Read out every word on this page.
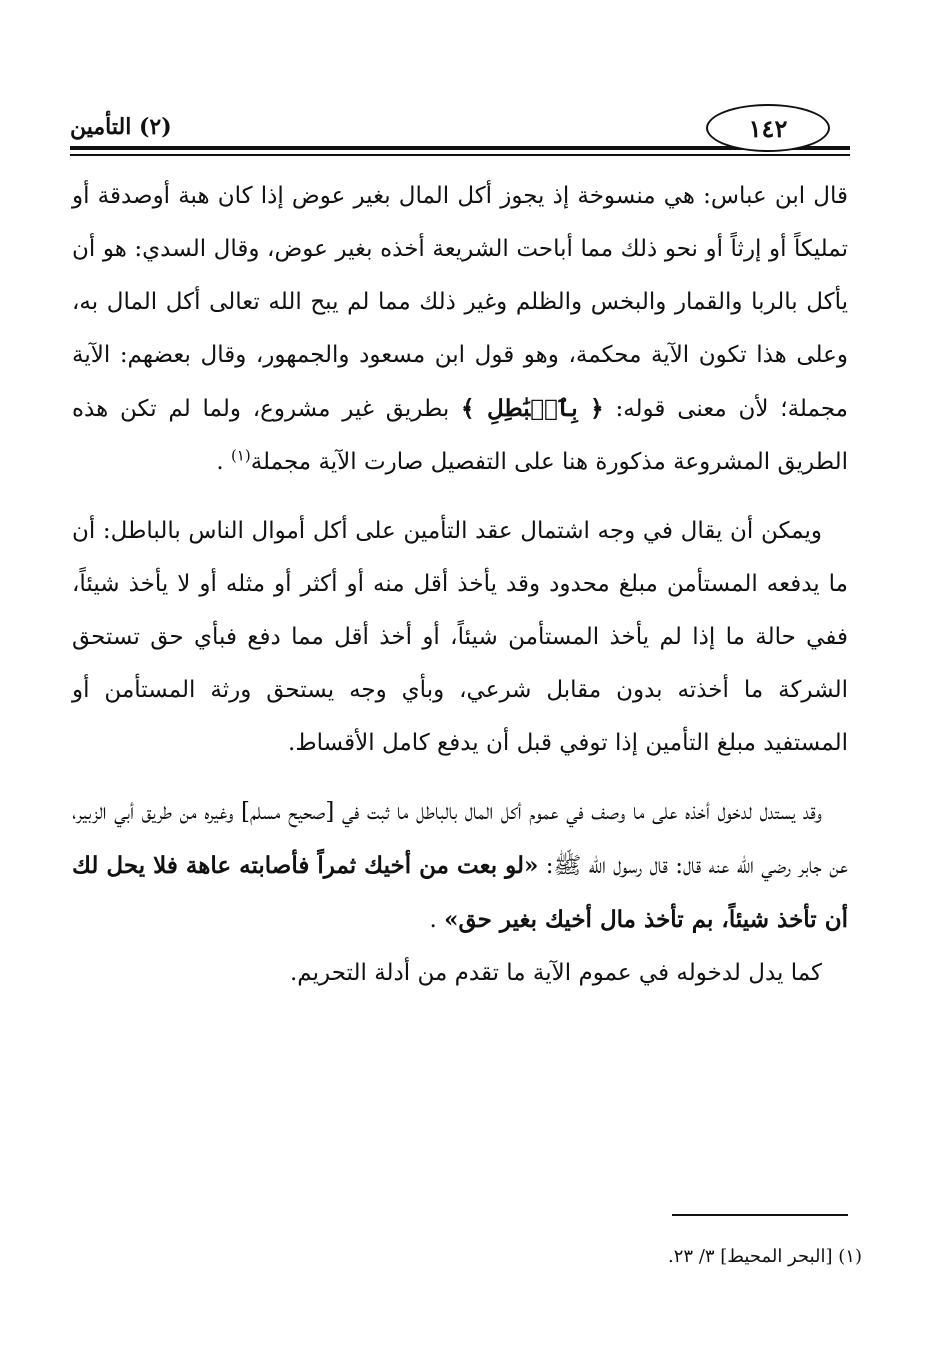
(٢) التأمين	١٤٢

قال ابن عباس: هي منسوخة إذ يجوز أكل المال بغير عوض إذا كان هبة أوصدقة أو تمليكاً أو إرثاً أو نحو ذلك مما أباحت الشريعة أخذه بغير عوض، وقال السدي: هو أن يأكل بالربا والقمار والبخس والظلم وغير ذلك مما لم يبح الله تعالى أكل المال به، وعلى هذا تكون الآية محكمة، وهو قول ابن مسعود والجمهور، وقال بعضهم: الآية مجملة؛ لأن معنى قوله: ﴿ بِٱلۡبَٰطِلِ ﴾ بطريق غير مشروع، ولما لم تكن هذه الطريق المشروعة مذكورة هنا على التفصيل صارت الآية مجملة$^{(١)}$ .

ويمكن أن يقال في وجه اشتمال عقد التأمين على أكل أموال الناس بالباطل: أن ما يدفعه المستأمن مبلغ محدود وقد يأخذ أقل منه أو أكثر أو مثله أو لا يأخذ شيئاً، ففي حالة ما إذا لم يأخذ المستأمن شيئاً، أو أخذ أقل مما دفع فبأي حق تستحق الشركة ما أخذته بدون مقابل شرعي، وبأي وجه يستحق ورثة المستأمن أو المستفيد مبلغ التأمين إذا توفي قبل أن يدفع كامل الأقساط.

وقد يستدل لدخول أخذه على ما وصف في عموم أكل المال بالباطل ما ثبت في [صحيح مسلم] وغيره من طريق أبي الزبير، عن جابر رضي الله عنه قال: قال رسول الله ﷺ: «لو بعت من أخيك ثمراً فأصابته عاهة فلا يحل لك أن تأخذ شيئاً، بم تأخذ مال أخيك بغير حق» .

كما يدل لدخوله في عموم الآية ما تقدم من أدلة التحريم.

(١) [البحر المحيط] ٣/ ٢٣.
